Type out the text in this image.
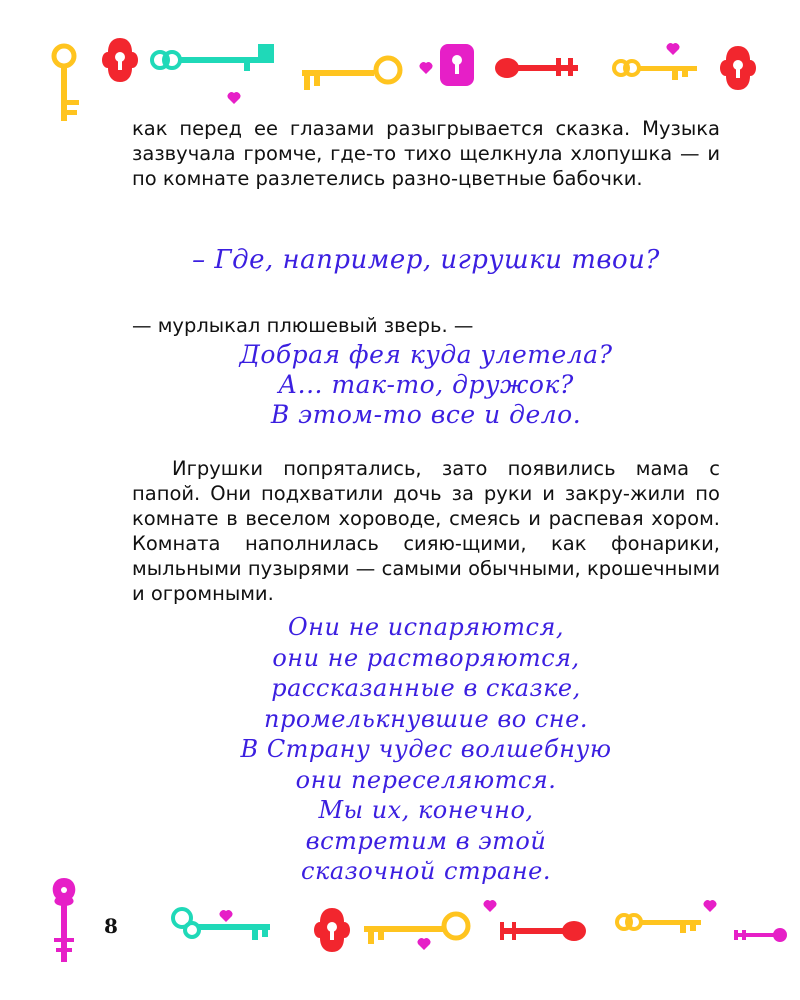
как перед ее глазами разыгрывается сказка. Музыка зазвучала громче, где-то тихо щелкнула хлопушка — и по комнате разлетелись разно-цветные бабочки.
– Где, например, игрушки твои?
— мурлыкал плюшевый зверь. —
Добрая фея куда улетела?
А... так-то, дружок?
В этом-то все и дело.
Игрушки попрятались, зато появились мама с папой. Они подхватили дочь за руки и закру-жили по комнате в веселом хороводе, смеясь и распевая хором. Комната наполнилась сияю-щими, как фонарики, мыльными пузырями — самыми обычными, крошечными и огромными.
Они не испаряются,
они не растворяются,
рассказанные в сказке,
промелькнувшие во сне.
В Страну чудес волшебную
они переселяются.
Мы их, конечно,
встретим в этой
сказочной стране.
8
